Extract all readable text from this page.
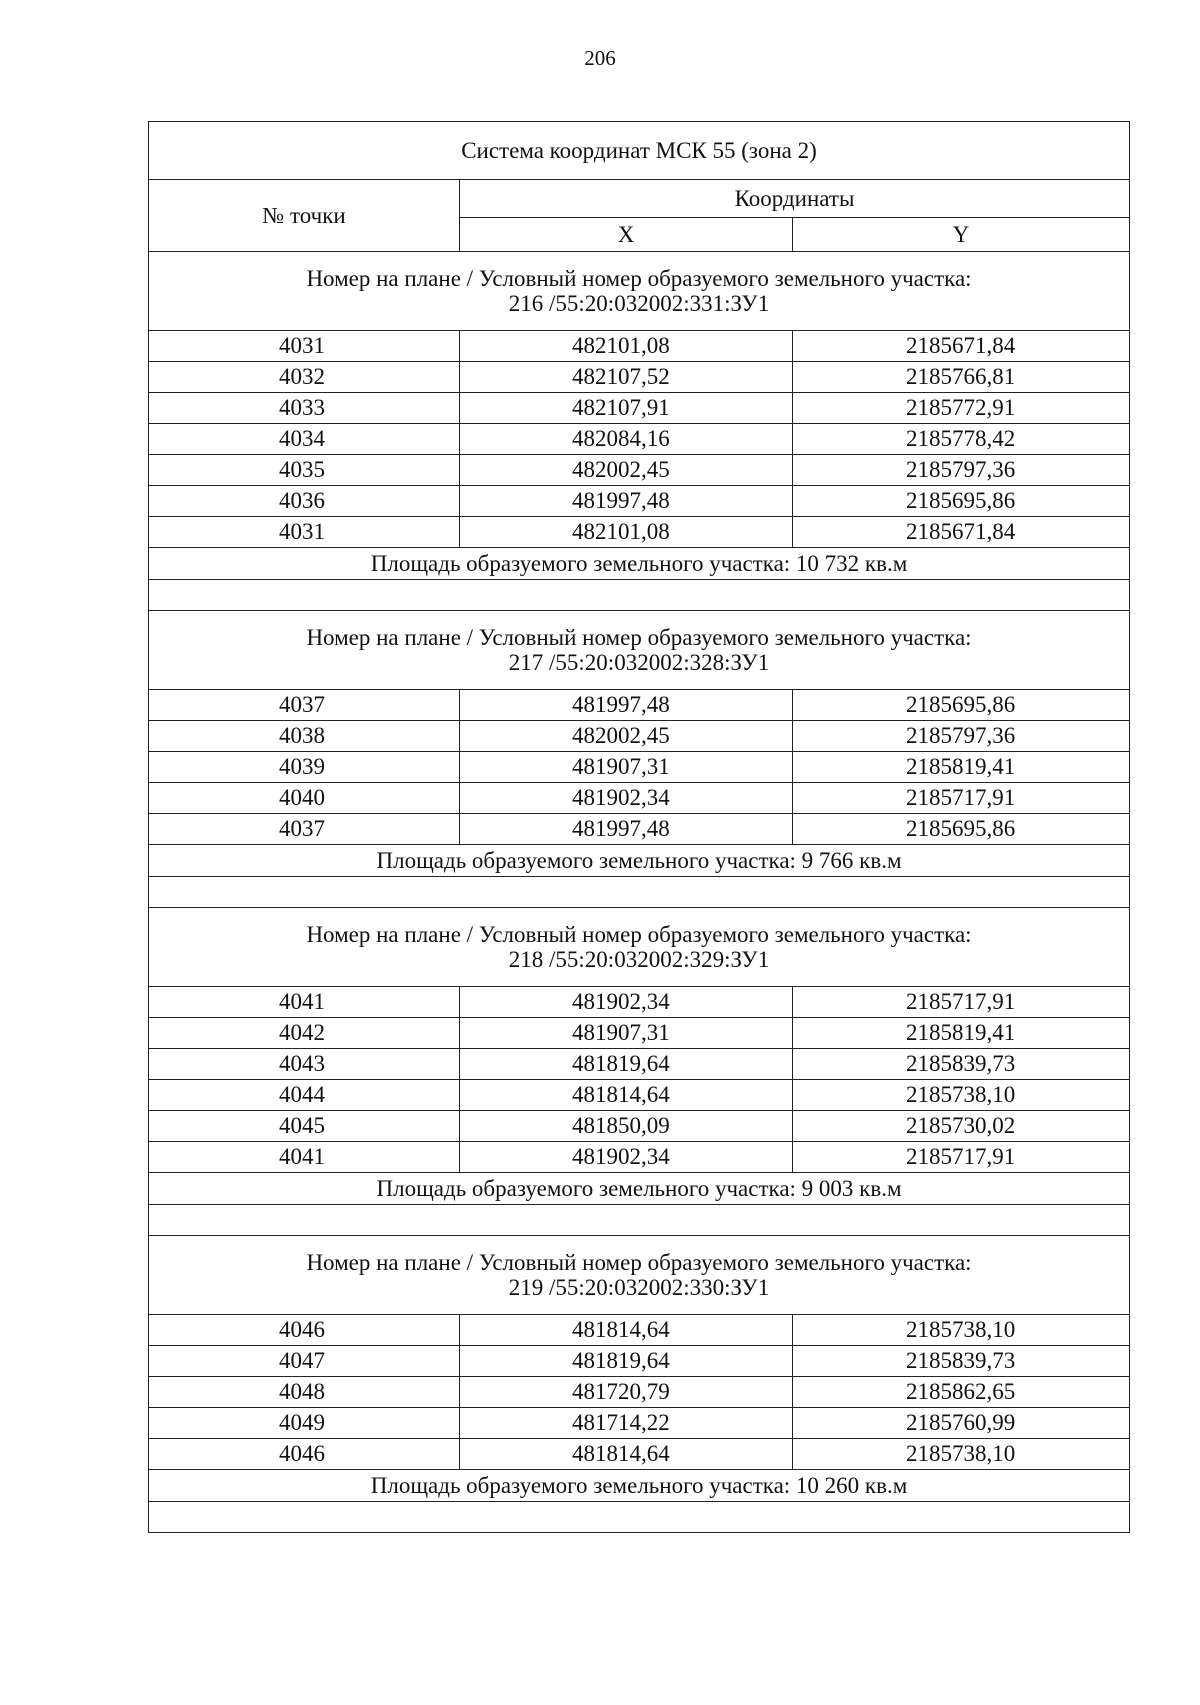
206
Система координат МСК 55 (зона 2)		
№ точки	Координаты	
	X	Y

Номер на плане / Условный номер образуемого земельного участка:
216 /55:20:032002:331:ЗУ1		

4031	482101,08	2185671,84
4032	482107,52	2185766,81
4033	482107,91	2185772,91
4034	482084,16	2185778,42
4035	482002,45	2185797,36
4036	481997,48	2185695,86
4031	482101,08	2185671,84
Площадь образуемого земельного участка: 10 732 кв.м		

Номер на плане / Условный номер образуемого земельного участка:
217 /55:20:032002:328:ЗУ1		

4037	481997,48	2185695,86
4038	482002,45	2185797,36
4039	481907,31	2185819,41
4040	481902,34	2185717,91
4037	481997,48	2185695,86
Площадь образуемого земельного участка: 9 766 кв.м		

Номер на плане / Условный номер образуемого земельного участка:
218 /55:20:032002:329:ЗУ1		

4041	481902,34	2185717,91
4042	481907,31	2185819,41
4043	481819,64	2185839,73
4044	481814,64	2185738,10
4045	481850,09	2185730,02
4041	481902,34	2185717,91
Площадь образуемого земельного участка: 9 003 кв.м		

Номер на плане / Условный номер образуемого земельного участка:
219 /55:20:032002:330:ЗУ1		

4046	481814,64	2185738,10
4047	481819,64	2185839,73
4048	481720,79	2185862,65
4049	481714,22	2185760,99
4046	481814,64	2185738,10
Площадь образуемого земельного участка: 10 260 кв.м		
